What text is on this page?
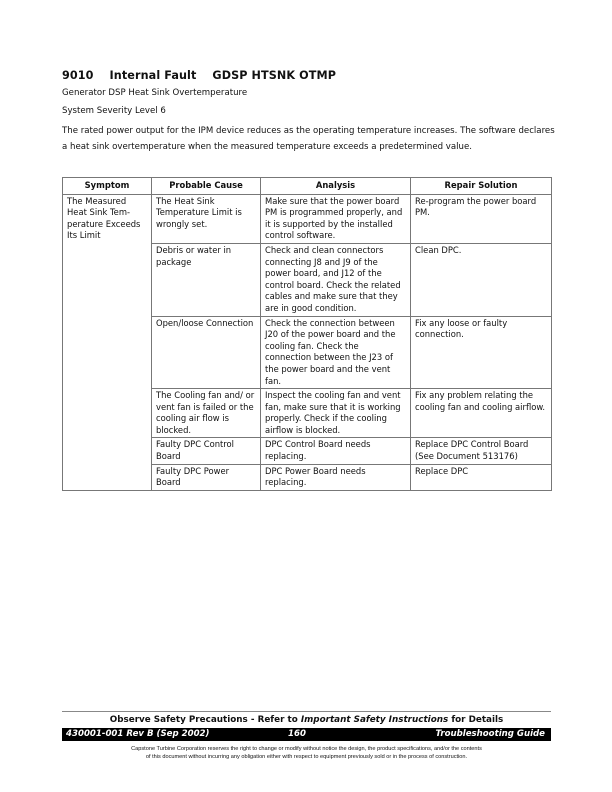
9010 Internal Fault GDSP HTSNK OTMP
Generator DSP Heat Sink Overtemperature
System Severity Level 6
The rated power output for the IPM device reduces as the operating temperature increases. The software declares a heat sink overtemperature when the measured temperature exceeds a predetermined value.
Symptom	Probable Cause	Analysis	Repair Solution
The Measured Heat Sink Tem-perature Exceeds Its Limit	The Heat Sink Temperature Limit is wrongly set.	Make sure that the power board PM is programmed properly, and it is supported by the installed control software.	Re-program the power board PM.
	Debris or water in package	Check and clean connectors connecting J8 and J9 of the power board, and J12 of the control board. Check the related cables and make sure that they are in good condition.	Clean DPC.
	Open/loose Connection	Check the connection between J20 of the power board and the cooling fan. Check the connection between the J23 of the power board and the vent fan.	Fix any loose or faulty connection.
	The Cooling fan and/ or vent fan is failed or the cooling air flow is blocked.	Inspect the cooling fan and vent fan, make sure that it is working properly. Check if the cooling airflow is blocked.	Fix any problem relating the cooling fan and cooling airflow.
	Faulty DPC Control Board	DPC Control Board needs replacing.	Replace DPC Control Board (See Document 513176)
	Faulty DPC Power Board	DPC Power Board needs replacing.	Replace DPC
Observe Safety Precautions - Refer to Important Safety Instructions for Details
430001-001 Rev B (Sep 2002)	160	Troubleshooting Guide
Capstone Turbine Corporation reserves the right to change or modify without notice the design, the product specifications, and/or the contents
of this document without incurring any obligation either with respect to equipment previously sold or in the process of construction.
